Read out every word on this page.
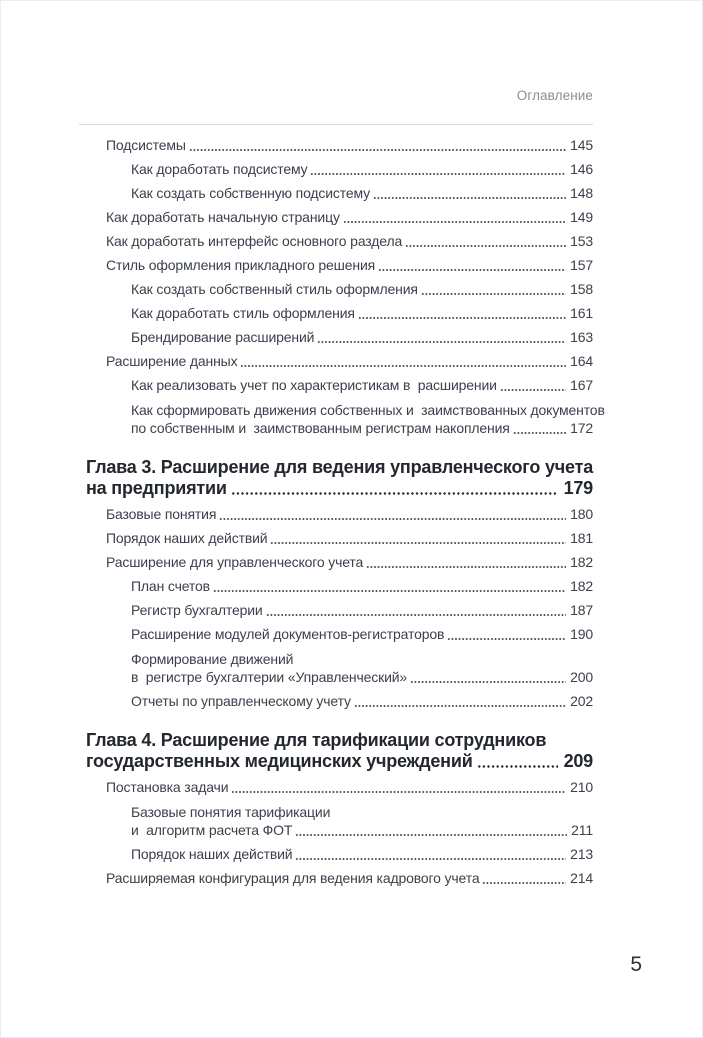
Оглавление
Подсистемы	145
Как доработать подсистему	146
Как создать собственную подсистему	148
Как доработать начальную страницу	149
Как доработать интерфейс основного раздела	153
Стиль оформления прикладного решения	157
Как создать собственный стиль оформления	158
Как доработать стиль оформления	161
Брендирование расширений	163
Расширение данных	164
Как реализовать учет по характеристикам в  расширении	167
Как сформировать движения собственных и  заимствованных документов
по собственным и  заимствованным регистрам накопления	172
Глава 3. Расширение для ведения управленческого учета
на предприятии	179
Базовые понятия	180
Порядок наших действий	181
Расширение для управленческого учета	182
План счетов	182
Регистр бухгалтерии	187
Расширение модулей документов-регистраторов	190
Формирование движений
в  регистре бухгалтерии «Управленческий»	200
Отчеты по управленческому учету	202
Глава 4. Расширение для тарификации сотрудников
государственных медицинских учреждений	209
Постановка задачи	210
Базовые понятия тарификации
и  алгоритм расчета ФОТ	211
Порядок наших действий	213
Расширяемая конфигурация для ведения кадрового учета	214
5
